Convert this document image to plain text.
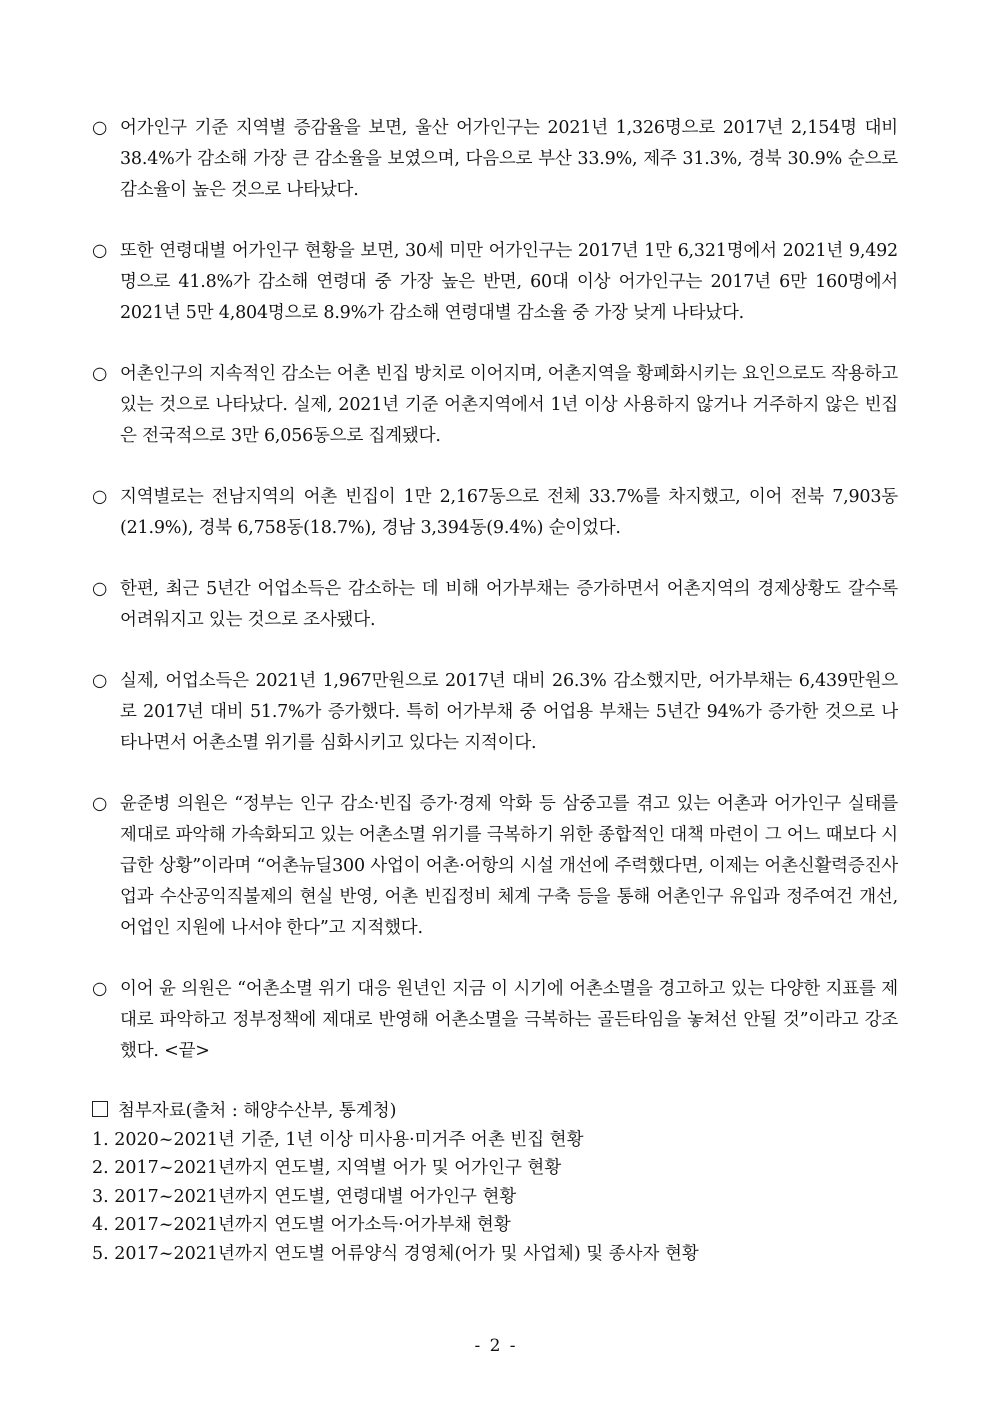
○ 어가인구 기준 지역별 증감율을 보면, 울산 어가인구는 2021년 1,326명으로 2017년 2,154명 대비 38.4%가 감소해 가장 큰 감소율을 보였으며, 다음으로 부산 33.9%, 제주 31.3%, 경북 30.9% 순으로 감소율이 높은 것으로 나타났다.
○ 또한 연령대별 어가인구 현황을 보면, 30세 미만 어가인구는 2017년 1만 6,321명에서 2021년 9,492명으로 41.8%가 감소해 연령대 중 가장 높은 반면, 60대 이상 어가인구는 2017년 6만 160명에서 2021년 5만 4,804명으로 8.9%가 감소해 연령대별 감소율 중 가장 낮게 나타났다.
○ 어촌인구의 지속적인 감소는 어촌 빈집 방치로 이어지며, 어촌지역을 황폐화시키는 요인으로도 작용하고 있는 것으로 나타났다. 실제, 2021년 기준 어촌지역에서 1년 이상 사용하지 않거나 거주하지 않은 빈집은 전국적으로 3만 6,056동으로 집계됐다.
○ 지역별로는 전남지역의 어촌 빈집이 1만 2,167동으로 전체 33.7%를 차지했고, 이어 전북 7,903동(21.9%), 경북 6,758동(18.7%), 경남 3,394동(9.4%) 순이었다.
○ 한편, 최근 5년간 어업소득은 감소하는 데 비해 어가부채는 증가하면서 어촌지역의 경제상황도 갈수록 어려워지고 있는 것으로 조사됐다.
○ 실제, 어업소득은 2021년 1,967만원으로 2017년 대비 26.3% 감소했지만, 어가부채는 6,439만원으로 2017년 대비 51.7%가 증가했다. 특히 어가부채 중 어업용 부채는 5년간 94%가 증가한 것으로 나타나면서 어촌소멸 위기를 심화시키고 있다는 지적이다.
○ 윤준병 의원은 “정부는 인구 감소·빈집 증가·경제 악화 등 삼중고를 겪고 있는 어촌과 어가인구 실태를 제대로 파악해 가속화되고 있는 어촌소멸 위기를 극복하기 위한 종합적인 대책 마련이 그 어느 때보다 시급한 상황”이라며 “어촌뉴딜300 사업이 어촌·어항의 시설 개선에 주력했다면, 이제는 어촌신활력증진사업과 수산공익직불제의 현실 반영, 어촌 빈집정비 체계 구축 등을 통해 어촌인구 유입과 정주여건 개선, 어업인 지원에 나서야 한다”고 지적했다.
○ 이어 윤 의원은 “어촌소멸 위기 대응 원년인 지금 이 시기에 어촌소멸을 경고하고 있는 다양한 지표를 제대로 파악하고 정부정책에 제대로 반영해 어촌소멸을 극복하는 골든타임을 놓쳐선 안될 것”이라고 강조했다. <끝>
첨부자료(출처 : 해양수산부, 통계청)
1. 2020~2021년 기준, 1년 이상 미사용·미거주 어촌 빈집 현황
2. 2017~2021년까지 연도별, 지역별 어가 및 어가인구 현황
3. 2017~2021년까지 연도별, 연령대별 어가인구 현황
4. 2017~2021년까지 연도별 어가소득·어가부채 현황
5. 2017~2021년까지 연도별 어류양식 경영체(어가 및 사업체) 및 종사자 현황
- 2 -
